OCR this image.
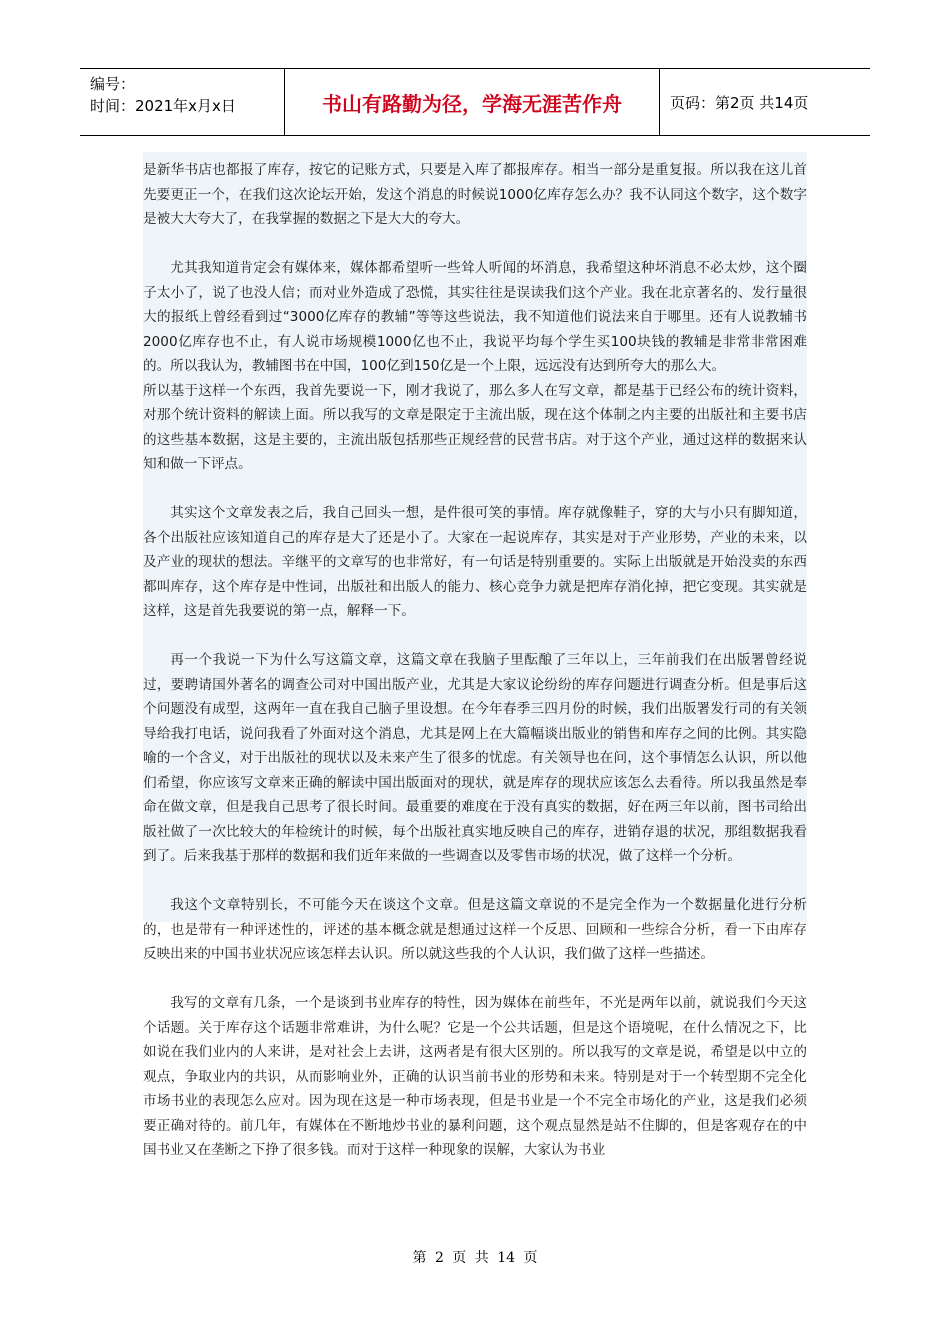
编号：
时间：2021年x月x日	书山有路勤为径，学海无涯苦作舟	页码：第2页 共14页

是新华书店也都报了库存，按它的记账方式，只要是入库了都报库存。相当一部分是重复报。所以我在这儿首先要更正一个，在我们这次论坛开始，发这个消息的时候说1000亿库存怎么办？我不认同这个数字，这个数字是被大大夸大了，在我掌握的数据之下是大大的夸大。

尤其我知道肯定会有媒体来，媒体都希望听一些耸人听闻的坏消息，我希望这种坏消息不必太炒，这个圈子太小了，说了也没人信；而对业外造成了恐慌，其实往往是误读我们这个产业。我在北京著名的、发行量很大的报纸上曾经看到过“3000亿库存的教辅”等等这些说法，我不知道他们说法来自于哪里。还有人说教辅书2000亿库存也不止，有人说市场规模1000亿也不止，我说平均每个学生买100块钱的教辅是非常非常困难的。所以我认为，教辅图书在中国，100亿到150亿是一个上限，远远没有达到所夸大的那么大。

所以基于这样一个东西，我首先要说一下，刚才我说了，那么多人在写文章，都是基于已经公布的统计资料，对那个统计资料的解读上面。所以我写的文章是限定于主流出版，现在这个体制之内主要的出版社和主要书店的这些基本数据，这是主要的，主流出版包括那些正规经营的民营书店。对于这个产业，通过这样的数据来认知和做一下评点。

其实这个文章发表之后，我自己回头一想，是件很可笑的事情。库存就像鞋子，穿的大与小只有脚知道，各个出版社应该知道自己的库存是大了还是小了。大家在一起说库存，其实是对于产业形势，产业的未来，以及产业的现状的想法。辛继平的文章写的也非常好，有一句话是特别重要的。实际上出版就是开始没卖的东西都叫库存，这个库存是中性词，出版社和出版人的能力、核心竞争力就是把库存消化掉，把它变现。其实就是这样，这是首先我要说的第一点，解释一下。

再一个我说一下为什么写这篇文章，这篇文章在我脑子里酝酿了三年以上，三年前我们在出版署曾经说过，要聘请国外著名的调查公司对中国出版产业，尤其是大家议论纷纷的库存问题进行调查分析。但是事后这个问题没有成型，这两年一直在我自己脑子里设想。在今年春季三四月份的时候，我们出版署发行司的有关领导给我打电话，说问我看了外面对这个消息，尤其是网上在大篇幅谈出版业的销售和库存之间的比例。其实隐喻的一个含义，对于出版社的现状以及未来产生了很多的忧虑。有关领导也在问，这个事情怎么认识，所以他们希望，你应该写文章来正确的解读中国出版面对的现状，就是库存的现状应该怎么去看待。所以我虽然是奉命在做文章，但是我自己思考了很长时间。最重要的难度在于没有真实的数据，好在两三年以前，图书司给出版社做了一次比较大的年检统计的时候，每个出版社真实地反映自己的库存，进销存退的状况，那组数据我看到了。后来我基于那样的数据和我们近年来做的一些调查以及零售市场的状况，做了这样一个分析。

我这个文章特别长，不可能今天在谈这个文章。但是这篇文章说的不是完全作为一个数据量化进行分析的，也是带有一种评述性的，评述的基本概念就是想通过这样一个反思、回顾和一些综合分析，看一下由库存反映出来的中国书业状况应该怎样去认识。所以就这些我的个人认识，我们做了这样一些描述。

我写的文章有几条，一个是谈到书业库存的特性，因为媒体在前些年，不光是两年以前，就说我们今天这个话题。关于库存这个话题非常难讲，为什么呢？它是一个公共话题，但是这个语境呢，在什么情况之下，比如说在我们业内的人来讲，是对社会上去讲，这两者是有很大区别的。所以我写的文章是说，希望是以中立的观点，争取业内的共识，从而影响业外，正确的认识当前书业的形势和未来。特别是对于一个转型期不完全化市场书业的表现怎么应对。因为现在这是一种市场表现，但是书业是一个不完全市场化的产业，这是我们必须要正确对待的。前几年，有媒体在不断地炒书业的暴利问题，这个观点显然是站不住脚的，但是客观存在的中国书业又在垄断之下挣了很多钱。而对于这样一种现象的误解，大家认为书业

第 2 页 共 14 页
